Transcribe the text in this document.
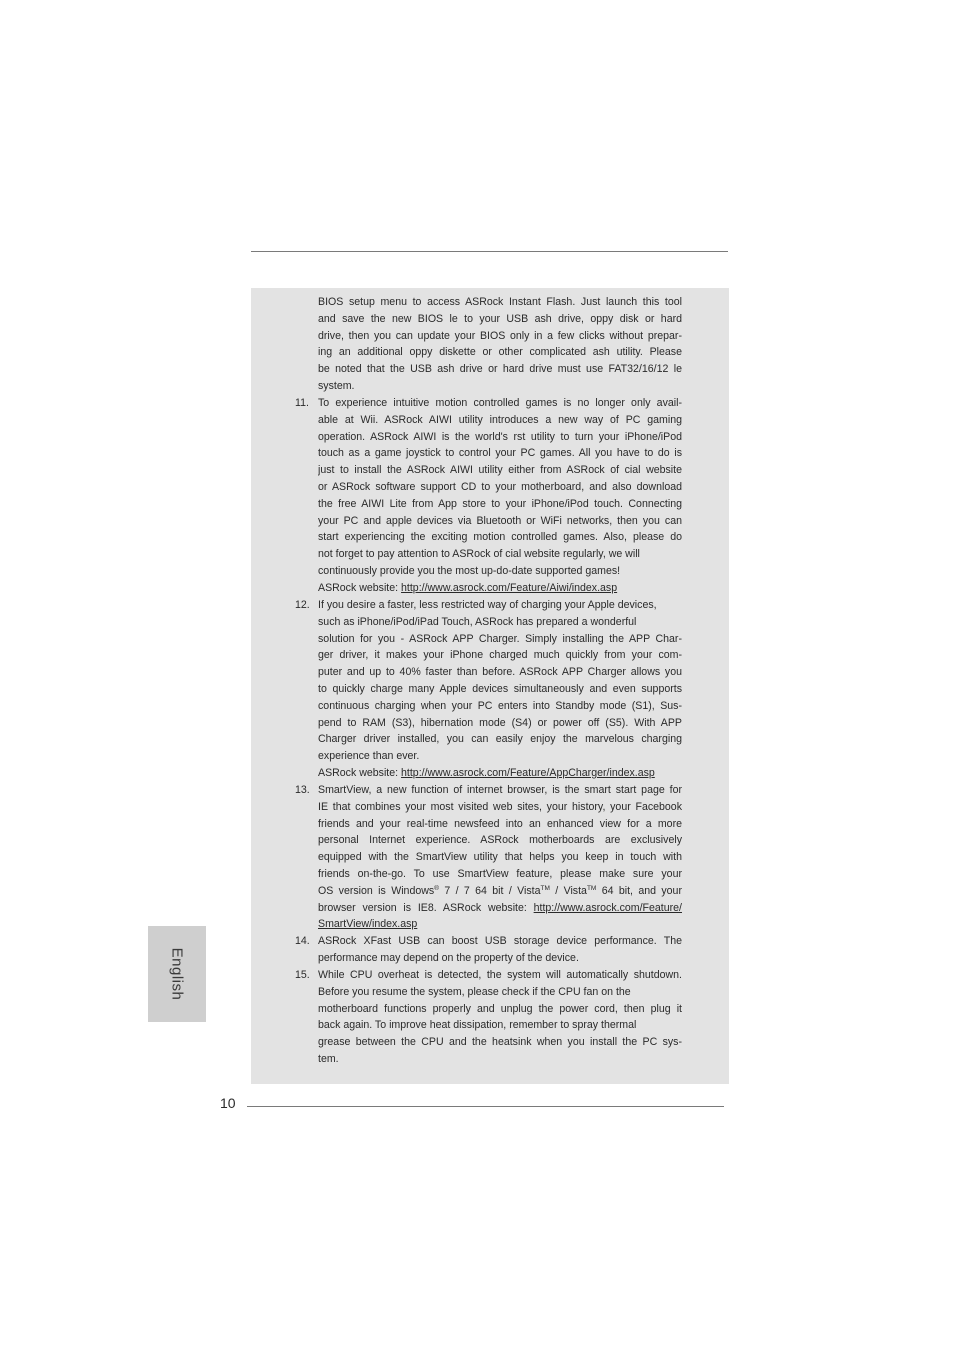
BIOS setup menu to access ASRock Instant Flash. Just launch this tool
and save the new BIOS le to your USB ash drive, oppy disk or hard
drive, then you can update your BIOS only in a few clicks without prepar-
ing an additional oppy diskette or other complicated ash utility. Please
be noted that the USB ash drive or hard drive must use FAT32/16/12 le
system.
11. To experience intuitive motion controlled games is no longer only avail-
able at Wii. ASRock AIWI utility introduces a new way of PC gaming
operation. ASRock AIWI is the world's rst utility to turn your iPhone/iPod
touch as a game joystick to control your PC games. All you have to do is
just to install the ASRock AIWI utility either from ASRock of cial website
or ASRock software support CD to your motherboard, and also download
the free AIWI Lite from App store to your iPhone/iPod touch. Connecting
your PC and apple devices via Bluetooth or WiFi networks, then you can
start experiencing the exciting motion controlled games. Also, please do
not forget to pay attention to ASRock of cial website regularly, we will
continuously provide you the most up-do-date supported games!
ASRock website: http://www.asrock.com/Feature/Aiwi/index.asp
12. If you desire a faster, less restricted way of charging your Apple devices,
such as iPhone/iPod/iPad Touch, ASRock has prepared a wonderful
solution for you - ASRock APP Charger. Simply installing the APP Char-
ger driver, it makes your iPhone charged much quickly from your com-
puter and up to 40% faster than before. ASRock APP Charger allows you
to quickly charge many Apple devices simultaneously and even supports
continuous charging when your PC enters into Standby mode (S1), Sus-
pend to RAM (S3), hibernation mode (S4) or power off (S5). With APP
Charger driver installed, you can easily enjoy the marvelous charging
experience than ever.
ASRock website: http://www.asrock.com/Feature/AppCharger/index.asp
13. SmartView, a new function of internet browser, is the smart start page for
IE that combines your most visited web sites, your history, your Facebook
friends and your real-time newsfeed into an enhanced view for a more
personal Internet experience. ASRock motherboards are exclusively
equipped with the SmartView utility that helps you keep in touch with
friends on-the-go. To use SmartView feature, please make sure your
OS version is Windows® 7 / 7 64 bit / Vista™ / Vista™ 64 bit, and your
browser version is IE8. ASRock website: http://www.asrock.com/Feature/
SmartView/index.asp
14. ASRock XFast USB can boost USB storage device performance. The
performance may depend on the property of the device.
15. While CPU overheat is detected, the system will automatically shutdown.
Before you resume the system, please check if the CPU fan on the
motherboard functions properly and unplug the power cord, then plug it
back again. To improve heat dissipation, remember to spray thermal
grease between the CPU and the heatsink when you install the PC sys-
tem.
English
10
